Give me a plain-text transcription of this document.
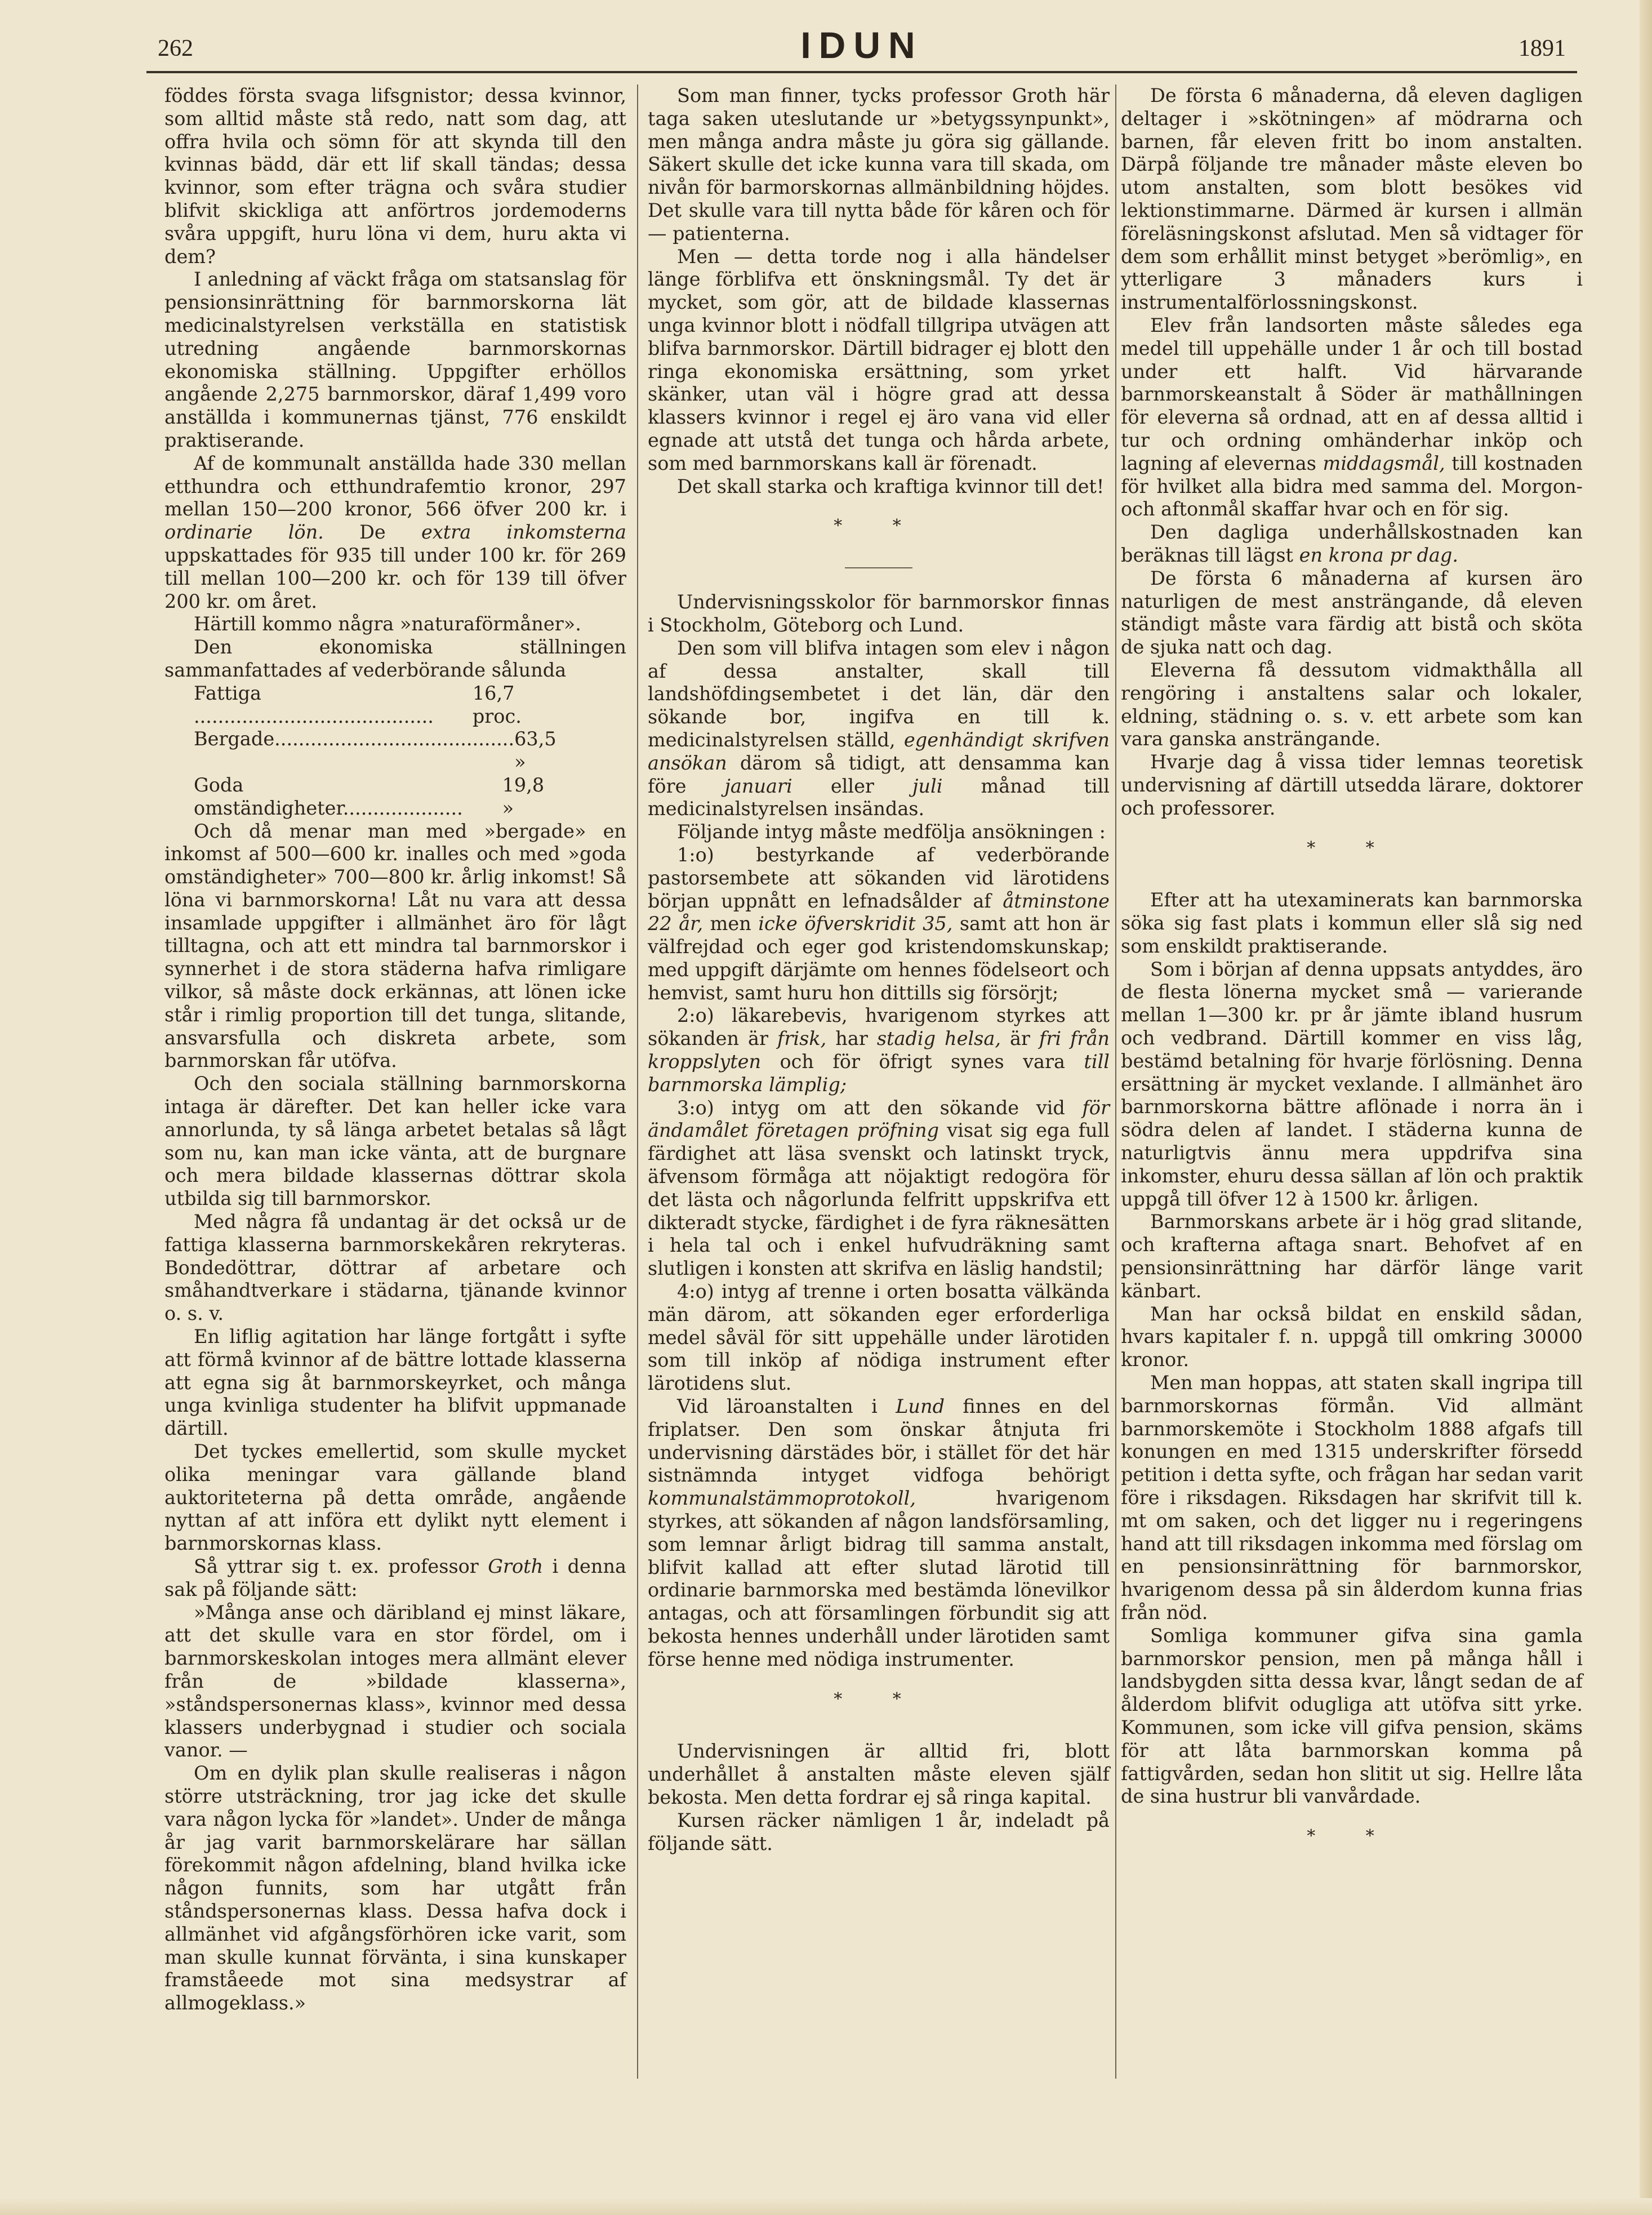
262	IDUN	1891

föddes första svaga lifsgnistor; dessa kvinnor, som alltid måste stå redo, natt som dag, att offra hvila och sömn för att skynda till den kvinnas bädd, där ett lif skall tändas; dessa kvinnor, som efter trägna och svåra studier blifvit skickliga att anförtros jordemoderns svåra uppgift, huru löna vi dem, huru akta vi dem?

I anledning af väckt fråga om statsanslag för pensionsinrättning för barnmorskorna lät medicinalstyrelsen verkställa en statistisk utredning angående barnmorskornas ekonomiska ställning. Uppgifter erhöllos angående 2,275 barnmorskor, däraf 1,499 voro anställda i kommunernas tjänst, 776 enskildt praktiserande.

Af de kommunalt anställda hade 330 mellan etthundra och etthundrafemtio kronor, 297 mellan 150—200 kronor, 566 öfver 200 kr. i ordinarie lön. De extra inkomsterna uppskattades för 935 till under 100 kr. för 269 till mellan 100—200 kr. och för 139 till öfver 200 kr. om året.

Härtill kommo några »naturaförmåner».

Den ekonomiska ställningen sammanfattades af vederbörande sålunda

Fattiga ........................................
16,7 proc.
Bergade........................................ 63,5 »
Goda omständigheter....................
19,8 »

Och då menar man med »bergade» en inkomst af 500—600 kr. inalles och med »goda omständigheter» 700—800 kr. årlig inkomst! Så löna vi barnmorskorna! Låt nu vara att dessa insamlade uppgifter i allmänhet äro för lågt tilltagna, och att ett mindra tal barnmorskor i synnerhet i de stora städerna hafva rimligare vilkor, så måste dock erkännas, att lönen icke står i rimlig proportion till det tunga, slitande, ansvarsfulla och diskreta arbete, som barnmorskan får utöfva.

Och den sociala ställning barnmorskorna intaga är därefter. Det kan heller icke vara annorlunda, ty så länga arbetet betalas så lågt som nu, kan man icke vänta, att de burgnare och mera bildade klassernas döttrar skola utbilda sig till barnmorskor.

Med några få undantag är det också ur de fattiga klasserna barnmorskekåren rekryteras. Bondedöttrar, döttrar af arbetare och småhandtverkare i städarna, tjänande kvinnor o. s. v.

En liflig agitation har länge fortgått i syfte att förmå kvinnor af de bättre lottade klasserna att egna sig åt barnmorskeyrket, och många unga kvinliga studenter ha blifvit uppmanade därtill.

Det tyckes emellertid, som skulle mycket olika meningar vara gällande bland auktoriteterna på detta område, angående nyttan af att införa ett dylikt nytt element i barnmorskornas klass.

Så yttrar sig t. ex. professor Groth i denna sak på följande sätt:

»Många anse och däribland ej minst läkare, att det skulle vara en stor fördel, om i barnmorskeskolan intoges mera allmänt elever från de »bildade klasserna», »ståndspersonernas klass», kvinnor med dessa klassers underbygnad i studier och sociala vanor. —

Om en dylik plan skulle realiseras i någon större utsträckning, tror jag icke det skulle vara någon lycka för »landet». Under de många år jag varit barnmorskelärare har sällan förekommit någon afdelning, bland hvilka icke någon funnits, som har utgått från ståndspersonernas klass. Dessa hafva dock i allmänhet vid afgångsförhören icke varit, som man skulle kunnat förvänta, i sina kunskaper framståeede mot sina medsystrar af allmogeklass.»

Som man finner, tycks professor Groth här taga saken uteslutande ur »betygssynpunkt», men många andra måste ju göra sig gällande. Säkert skulle det icke kunna vara till skada, om nivån för barmorskornas allmänbildning höjdes. Det skulle vara till nytta både för kåren och för — patienterna.

Men — detta torde nog i alla händelser länge förblifva ett önskningsmål. Ty det är mycket, som gör, att de bildade klassernas unga kvinnor blott i nödfall tillgripa utvägen att blifva barnmorskor. Därtill bidrager ej blott den ringa ekonomiska ersättning, som yrket skänker, utan väl i högre grad att dessa klassers kvinnor i regel ej äro vana vid eller egnade att utstå det tunga och hårda arbete, som med barnmorskans kall är förenadt.

Det skall starka och kraftiga kvinnor till det!

* *

Undervisningsskolor för barnmorskor finnas i Stockholm, Göteborg och Lund.

Den som vill blifva intagen som elev i någon af dessa anstalter, skall till landshöfdingsembetet i det län, där den sökande bor, ingifva en till k. medicinalstyrelsen ställd, egenhändigt skrifven ansökan därom så tidigt, att densamma kan före januari eller juli månad till medicinalstyrelsen insändas.

Följande intyg måste medfölja ansökningen :

1:o) bestyrkande af vederbörande pastorsembete att sökanden vid lärotidens början uppnått en lefnadsålder af åtminstone 22 år, men icke öfverskridit 35, samt att hon är välfrejdad och eger god kristendomskunskap; med uppgift därjämte om hennes födelseort och hemvist, samt huru hon dittills sig försörjt;

2:o) läkarebevis, hvarigenom styrkes att sökanden är frisk, har stadig helsa, är fri från kroppslyten och för öfrigt synes vara till barnmorska lämplig;

3:o) intyg om att den sökande vid för ändamålet företagen pröfning visat sig ega full färdighet att läsa svenskt och latinskt tryck, äfvensom förmåga att nöjaktigt redogöra för det lästa och någorlunda felfritt uppskrifva ett dikteradt stycke, färdighet i de fyra räknesätten i hela tal och i enkel hufvudräkning samt slutligen i konsten att skrifva en läslig handstil;

4:o) intyg af trenne i orten bosatta välkända män därom, att sökanden eger erforderliga medel såväl för sitt uppehälle under lärotiden som till inköp af nödiga instrument efter lärotidens slut.

Vid läroanstalten i Lund finnes en del friplatser. Den som önskar åtnjuta fri undervisning därstädes bör, i stället för det här sistnämnda intyget vidfoga behörigt kommunalstämmoprotokoll, hvarigenom styrkes, att sökanden af någon landsförsamling, som lemnar årligt bidrag till samma anstalt, blifvit kallad att efter slutad lärotid till ordinarie barnmorska med bestämda lönevilkor antagas, och att församlingen förbundit sig att bekosta hennes underhåll under lärotiden samt förse henne med nödiga instrumenter.

* *

Undervisningen är alltid fri, blott underhållet å anstalten måste eleven själf bekosta. Men detta fordrar ej så ringa kapital.

Kursen räcker nämligen 1 år, indeladt på följande sätt.

De första 6 månaderna, då eleven dagligen deltager i »skötningen» af mödrarna och barnen, får eleven fritt bo inom anstalten. Därpå följande tre månader måste eleven bo utom anstalten, som blott besökes vid lektionstimmarne. Därmed är kursen i allmän föreläsningskonst afslutad. Men så vidtager för dem som erhållit minst betyget »berömlig», en ytterligare 3 månaders kurs i instrumentalförlossningskonst.

Elev från landsorten måste således ega medel till uppehälle under 1 år och till bostad under ett halft. Vid härvarande barnmorskeanstalt å Söder är mathållningen för eleverna så ordnad, att en af dessa alltid i tur och ordning omhänderhar inköp och lagning af elevernas middagsmål, till kostnaden för hvilket alla bidra med samma del. Morgon- och aftonmål skaffar hvar och en för sig.

Den dagliga underhållskostnaden kan beräknas till lägst en krona pr dag.

De första 6 månaderna af kursen äro naturligen de mest ansträngande, då eleven ständigt måste vara färdig att bistå och sköta de sjuka natt och dag.

Eleverna få dessutom vidmakthålla all rengöring i anstaltens salar och lokaler, eldning, städning o. s. v. ett arbete som kan vara ganska ansträngande.

Hvarje dag å vissa tider lemnas teoretisk undervisning af därtill utsedda lärare, doktorer och professorer.

* *

Efter att ha utexaminerats kan barnmorska söka sig fast plats i kommun eller slå sig ned som enskildt praktiserande.

Som i början af denna uppsats antyddes, äro de flesta lönerna mycket små — varierande mellan 1—300 kr. pr år jämte ibland husrum och vedbrand. Därtill kommer en viss låg, bestämd betalning för hvarje förlösning. Denna ersättning är mycket vexlande. I allmänhet äro barnmorskorna bättre aflönade i norra än i södra delen af landet. I städerna kunna de naturligtvis ännu mera uppdrifva sina inkomster, ehuru dessa sällan af lön och praktik uppgå till öfver 12 à 1500 kr. årligen.

Barnmorskans arbete är i hög grad slitande, och krafterna aftaga snart. Behofvet af en pensionsinrättning har därför länge varit känbart.

Man har också bildat en enskild sådan, hvars kapitaler f. n. uppgå till omkring 30000 kronor.

Men man hoppas, att staten skall ingripa till barnmorskornas förmån. Vid allmänt barnmorskemöte i Stockholm 1888 afgafs till konungen en med 1315 underskrifter försedd petition i detta syfte, och frågan har sedan varit före i riksdagen. Riksdagen har skrifvit till k. mt om saken, och det ligger nu i regeringens hand att till riksdagen inkomma med förslag om en pensionsinrättning för barnmorskor, hvarigenom dessa på sin ålderdom kunna frias från nöd.

Somliga kommuner gifva sina gamla barnmorskor pension, men på många håll i landsbygden sitta dessa kvar, långt sedan de af ålderdom blifvit odugliga att utöfva sitt yrke. Kommunen, som icke vill gifva pension, skäms för att låta barnmorskan komma på fattigvården, sedan hon slitit ut sig. Hellre låta de sina hustrur bli vanvårdade.

* *
